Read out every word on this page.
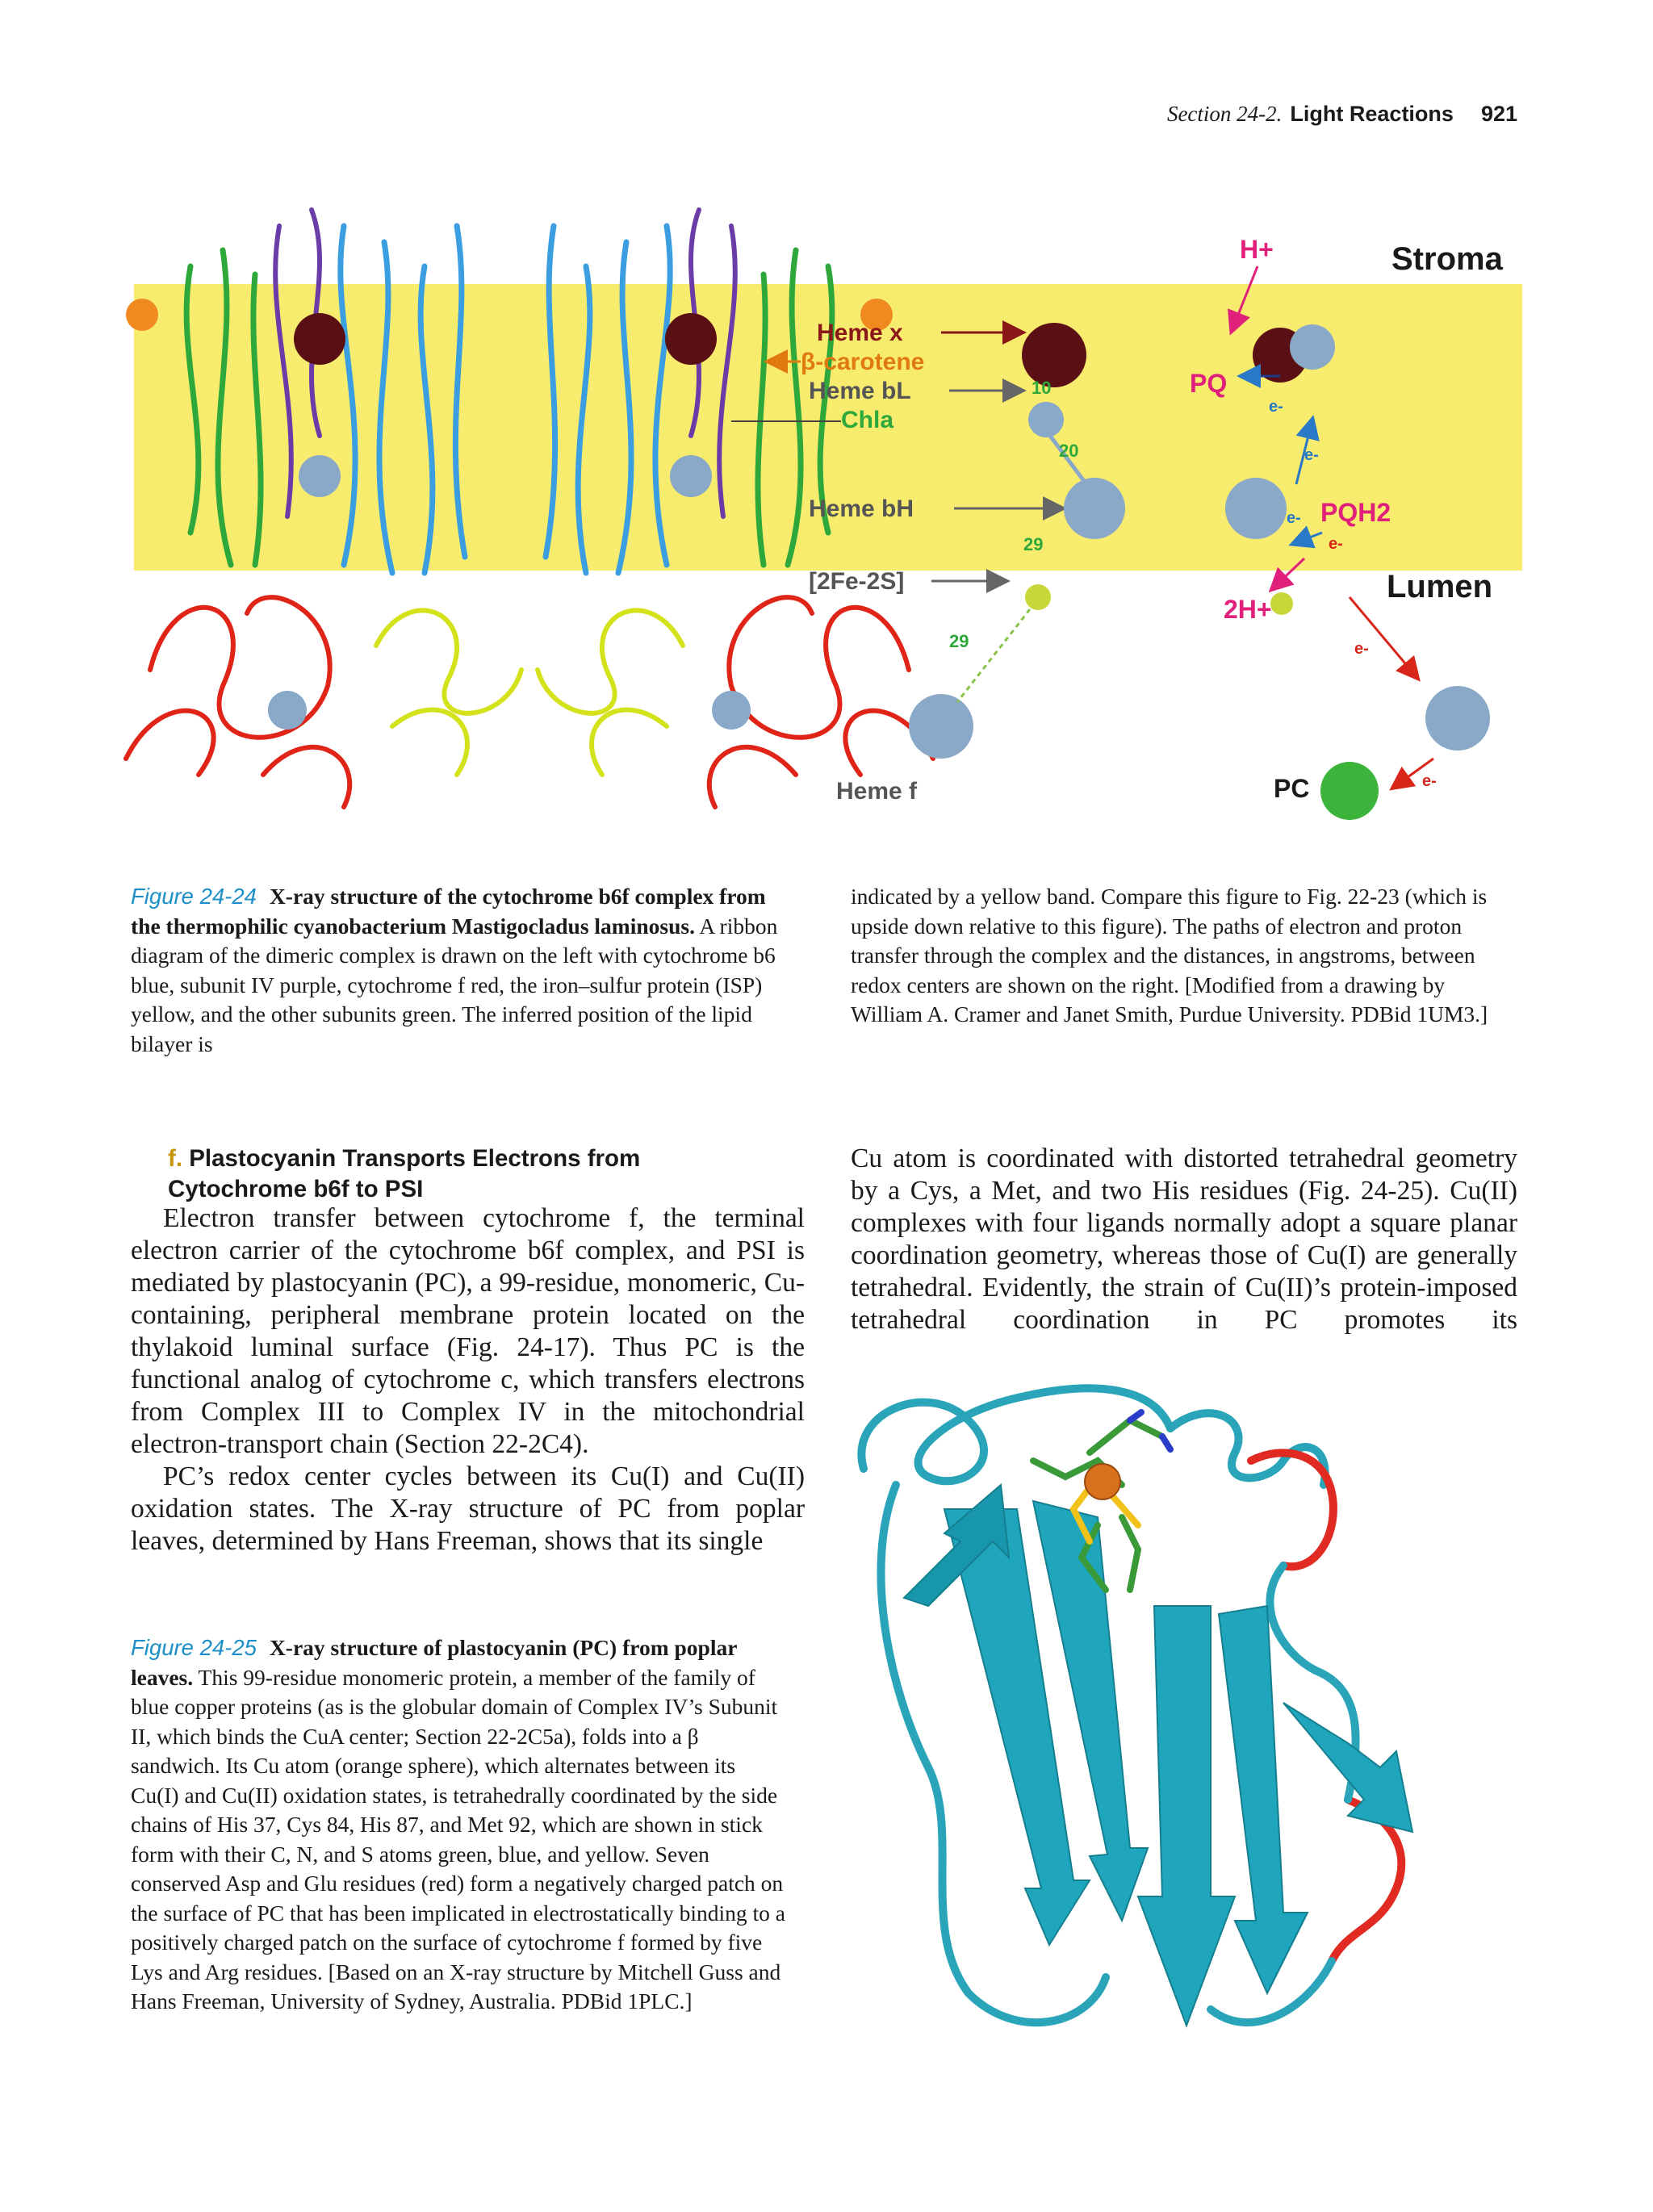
Section 24-2. Light Reactions 921
Heme x
β-carotene
Heme bL
Chla
Heme bH
[2Fe-2S]
Heme f
10
20
29
29
H+
PQ
e-
e-
e- PQH2
e-
2H+
Stroma
Lumen
e-
e-
PC
Figure 24-24 X-ray structure of the cytochrome b6f complex from the thermophilic cyanobacterium Mastigocladus laminosus. A ribbon diagram of the dimeric complex is drawn on the left with cytochrome b6 blue, subunit IV purple, cytochrome f red, the iron–sulfur protein (ISP) yellow, and the other subunits green. The inferred position of the lipid bilayer is
indicated by a yellow band. Compare this figure to Fig. 22-23 (which is upside down relative to this figure). The paths of electron and proton transfer through the complex and the distances, in angstroms, between redox centers are shown on the right. [Modified from a drawing by William A. Cramer and Janet Smith, Purdue University. PDBid 1UM3.]
f. Plastocyanin Transports Electrons from
Cytochrome b6f to PSI

Electron transfer between cytochrome f, the terminal electron carrier of the cytochrome b6f complex, and PSI is mediated by plastocyanin (PC), a 99-residue, monomeric, Cu-containing, peripheral membrane protein located on the thylakoid luminal surface (Fig. 24-17). Thus PC is the functional analog of cytochrome c, which transfers electrons from Complex III to Complex IV in the mitochondrial electron-transport chain (Section 22-2C4).

PC’s redox center cycles between its Cu(I) and Cu(II) oxidation states. The X-ray structure of PC from poplar leaves, determined by Hans Freeman, shows that its single

Cu atom is coordinated with distorted tetrahedral geometry by a Cys, a Met, and two His residues (Fig. 24-25). Cu(II) complexes with four ligands normally adopt a square planar coordination geometry, whereas those of Cu(I) are generally tetrahedral. Evidently, the strain of Cu(II)’s protein-imposed tetrahedral coordination in PC promotes its

Figure 24-25 X-ray structure of plastocyanin (PC) from poplar leaves. This 99-residue monomeric protein, a member of the family of blue copper proteins (as is the globular domain of Complex IV’s Subunit II, which binds the CuA center; Section 22-2C5a), folds into a β sandwich. Its Cu atom (orange sphere), which alternates between its Cu(I) and Cu(II) oxidation states, is tetrahedrally coordinated by the side chains of His 37, Cys 84, His 87, and Met 92, which are shown in stick form with their C, N, and S atoms green, blue, and yellow. Seven conserved Asp and Glu residues (red) form a negatively charged patch on the surface of PC that has been implicated in electrostatically binding to a positively charged patch on the surface of cytochrome f formed by five Lys and Arg residues. [Based on an X-ray structure by Mitchell Guss and Hans Freeman, University of Sydney, Australia. PDBid 1PLC.]
